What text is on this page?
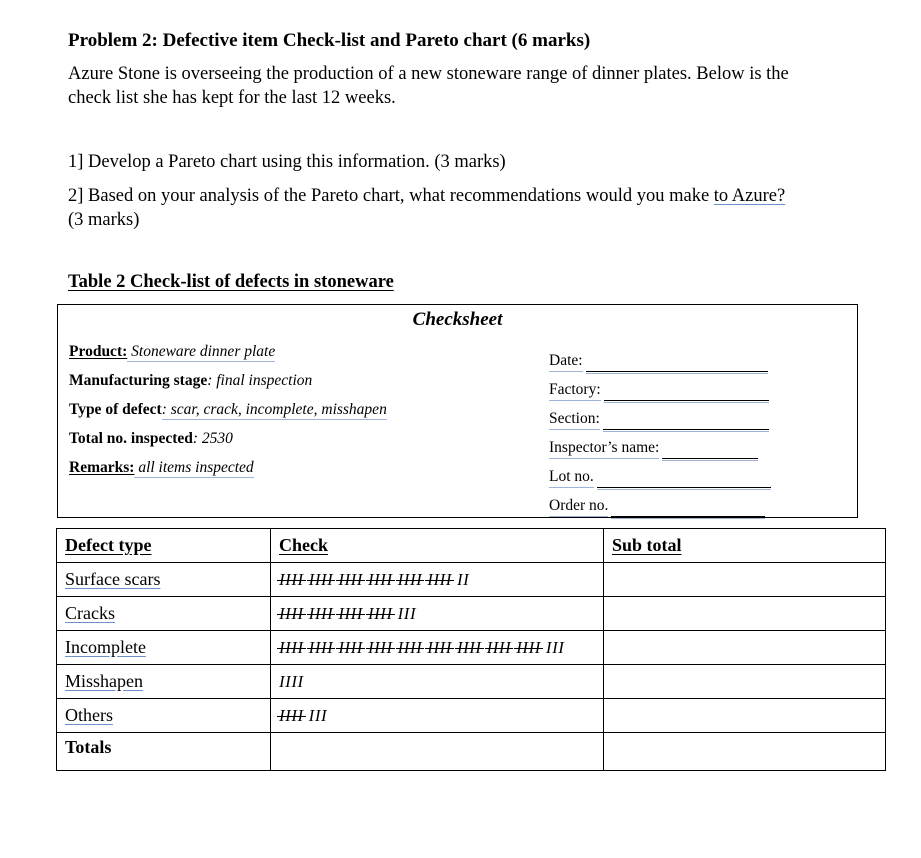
Problem 2: Defective item Check-list and Pareto chart (6 marks)
Azure Stone is overseeing the production of a new stoneware range of dinner plates. Below is the
check list she has kept for the last 12 weeks.
1] Develop a Pareto chart using this information. (3 marks)
2] Based on your analysis of the Pareto chart, what recommendations would you make to Azure?
(3 marks)
Table 2 Check-list of defects in stoneware
Checksheet
Product: Stoneware dinner plate
Manufacturing stage: final inspection
Type of defect: scar, crack, incomplete, misshapen
Total no. inspected: 2530
Remarks: all items inspected
Date:
Factory:
Section:
Inspector’s name:
Lot no.
Order no.
Defect type	Check	Sub total
Surface scars	IIII IIII IIII IIII IIII IIII II	
Cracks	IIII IIII IIII IIII III	
Incomplete	IIII IIII IIII IIII IIII IIII IIII IIII IIII III	
Misshapen	IIII	
Others	IIII III	
Totals		
